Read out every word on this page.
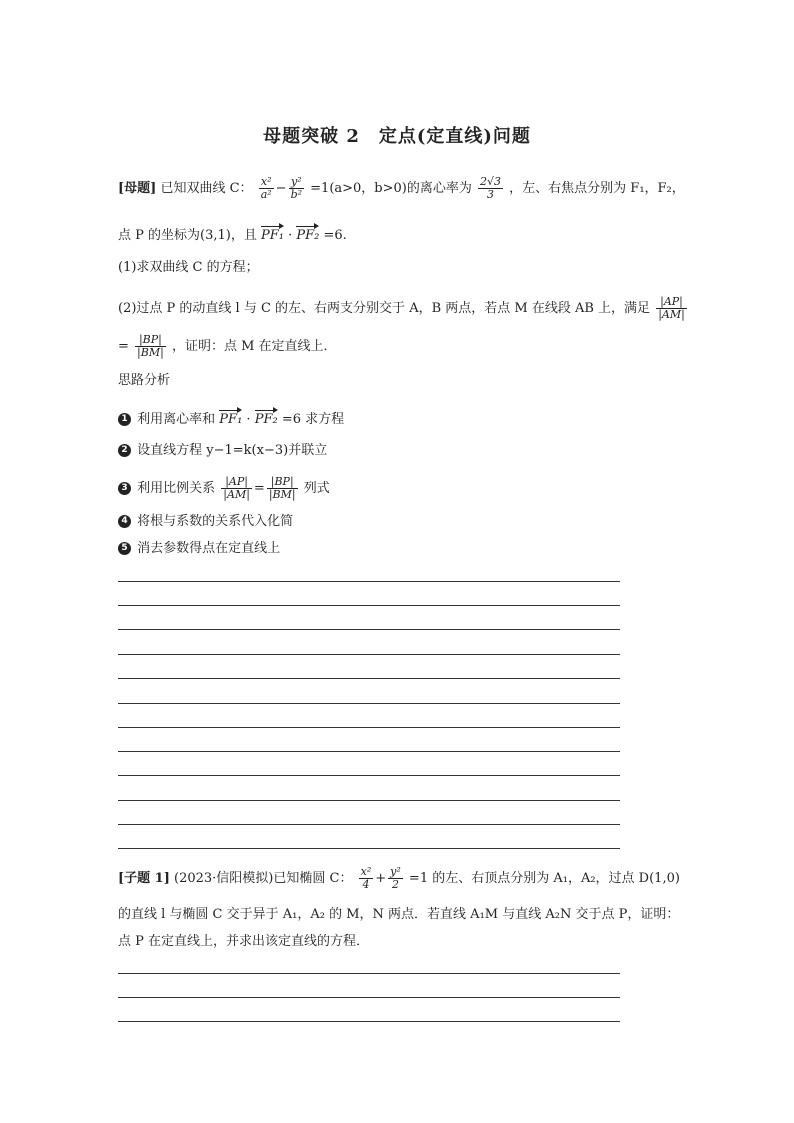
母题突破 2　定点(定直线)问题
[母题] 已知双曲线 C： $\frac{\text{x²}}{\text{a²}} - \frac{\text{y²}}{\text{b²}} =1(a>0$，b>0)的离心率为 $\frac{2√3}{3}$ ，左、右焦点分别为 F₁，F₂，
点 P 的坐标为(3,1)，且 PF₁ · PF₂ =6.
(1)求双曲线 C 的方程；
(2)过点 P 的动直线 l 与 C 的左、右两支分别交于 A，B 两点，若点 M 在线段 AB 上，满足 $\frac{|AP|}{|AM|}$
= $\frac{|BP|}{|BM|}$ ，证明：点 M 在定直线上．
思路分析
1 利用离心率和 PF₁ · PF₂ =6 求方程
2 设直线方程 y−1=k(x−3)并联立
3 利用比例关系 $\frac{|AP|}{|AM|} = \frac{|BP|}{|BM|}$ 列式
4 将根与系数的关系代入化简
5 消去参数得点在定直线上
[子题 1] (2023·信阳模拟)已知椭圆 C： $\frac{\text{x²}}{4} + \frac{\text{y²}}{2} =1$ 的左、右顶点分别为 A₁，A₂，过点 D(1,0)
的直线 l 与椭圆 C 交于异于 A₁，A₂ 的 M，N 两点．若直线 A₁M 与直线 A₂N 交于点 P，证明：
点 P 在定直线上，并求出该定直线的方程．
